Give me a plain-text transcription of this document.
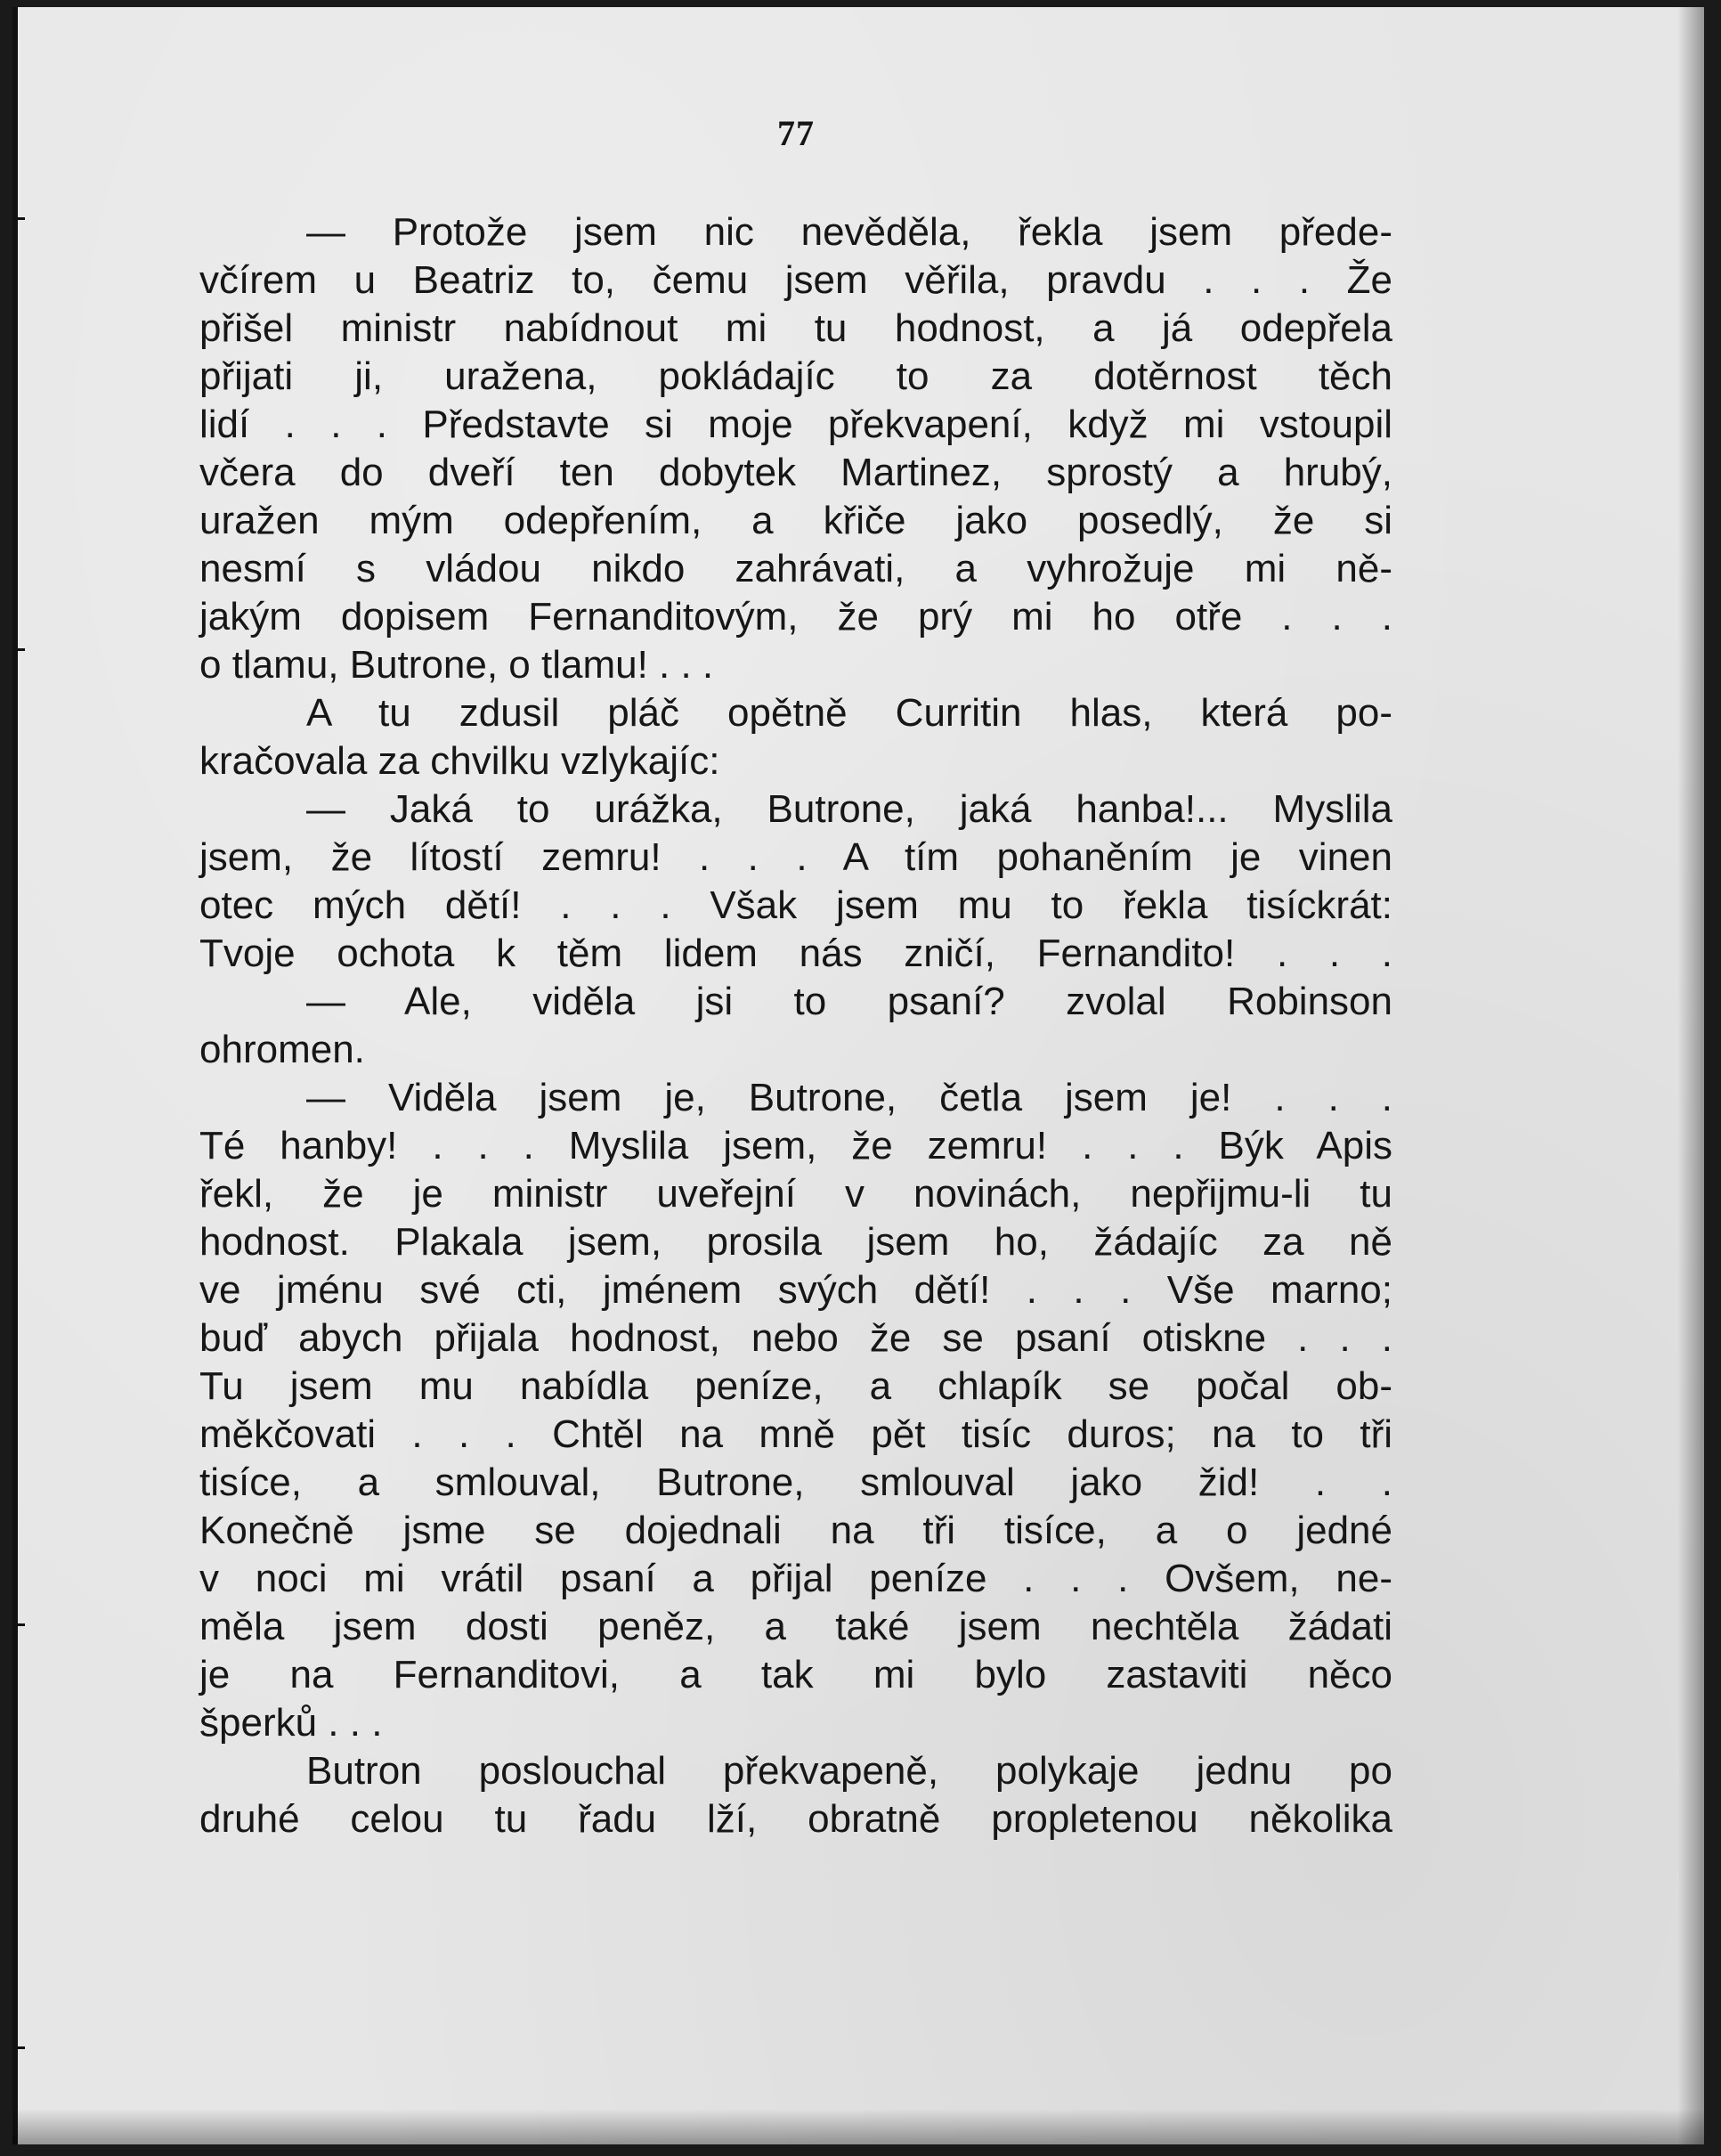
77
— Protože jsem nic nevěděla, řekla jsem přede-
včírem u Beatriz to, čemu jsem věřila, pravdu . . . Že
přišel ministr nabídnout mi tu hodnost, a já odepřela
přijati ji, uražena, pokládajíc to za dotěrnost těch
lidí . . . Představte si moje překvapení, když mi vstoupil
včera do dveří ten dobytek Martinez, sprostý a hrubý,
uražen mým odepřením, a křiče jako posedlý, že si
nesmí s vládou nikdo zahrávati, a vyhrožuje mi ně-
jakým dopisem Fernanditovým, že prý mi ho otře . . .
o tlamu, Butrone, o tlamu! . . .
A tu zdusil pláč opětně Curritin hlas, která po-
kračovala za chvilku vzlykajíc:
— Jaká to urážka, Butrone, jaká hanba!... Myslila
jsem, že lítostí zemru! . . . A tím pohaněním je vinen
otec mých dětí! . . . Však jsem mu to řekla tisíckrát:
Tvoje ochota k těm lidem nás zničí, Fernandito! . . .
— Ale, viděla jsi to psaní? zvolal Robinson
ohromen.
— Viděla jsem je, Butrone, četla jsem je! . . .
Té hanby! . . . Myslila jsem, že zemru! . . . Býk Apis
řekl, že je ministr uveřejní v novinách, nepřijmu-li tu
hodnost. Plakala jsem, prosila jsem ho, žádajíc za ně
ve jménu své cti, jménem svých dětí! . . . Vše marno;
buď abych přijala hodnost, nebo že se psaní otiskne . . .
Tu jsem mu nabídla peníze, a chlapík se počal ob-
měkčovati . . . Chtěl na mně pět tisíc duros; na to tři
tisíce, a smlouval, Butrone, smlouval jako žid! . .
Konečně jsme se dojednali na tři tisíce, a o jedné
v noci mi vrátil psaní a přijal peníze . . . Ovšem, ne-
měla jsem dosti peněz, a také jsem nechtěla žádati
je na Fernanditovi, a tak mi bylo zastaviti něco
šperků . . .
Butron poslouchal překvapeně, polykaje jednu po
druhé celou tu řadu lží, obratně propletenou několika
